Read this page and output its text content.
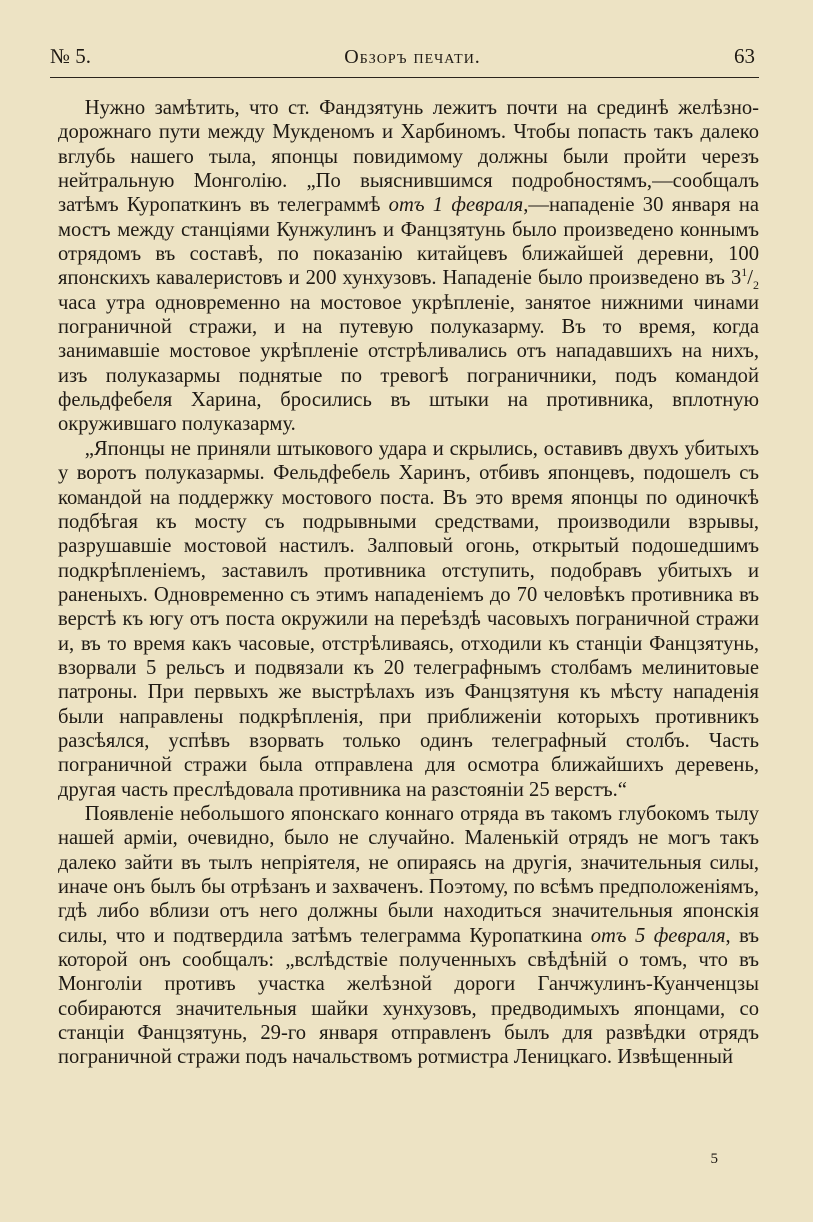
№ 5.	Обзоръ печати.	63

Нужно замѣтить, что ст. Фандзятунь лежитъ почти на срединѣ желѣзно-дорожнаго пути между Мукденомъ и Харбиномъ. Чтобы попасть такъ далеко вглубь нашего тыла, японцы повидимому должны были пройти черезъ нейтральную Монголію. „По выяснившимся подробностямъ,—сообщалъ затѣмъ Куропаткинъ въ телеграммѣ отъ 1 февраля,—нападеніе 30 января на мостъ между станціями Кунжулинъ и Фанцзятунь было произведено коннымъ отрядомъ въ составѣ, по показанію китайцевъ ближайшей деревни, 100 японскихъ кавалеристовъ и 200 хунхузовъ. Нападеніе было произведено въ $3^1/_2$ часа утра одновременно на мостовое укрѣпленіе, занятое нижними чинами пограничной стражи, и на путевую полуказарму. Въ то время, когда занимавшіе мостовое укрѣпленіе отстрѣливались отъ нападавшихъ на нихъ, изъ полуказармы поднятые по тревогѣ пограничники, подъ командой фельдфебеля Харина, бросились въ штыки на противника, вплотную окружившаго полуказарму.

„Японцы не приняли штыкового удара и скрылись, оставивъ двухъ убитыхъ у воротъ полуказармы. Фельдфебель Харинъ, отбивъ японцевъ, подошелъ съ командой на поддержку мостового поста. Въ это время японцы по одиночкѣ подбѣгая къ мосту съ подрывными средствами, производили взрывы, разрушавшіе мостовой настилъ. Залповый огонь, открытый подошедшимъ подкрѣпленіемъ, заставилъ противника отступить, подобравъ убитыхъ и раненыхъ. Одновременно съ этимъ нападеніемъ до 70 человѣкъ противника въ верстѣ къ югу отъ поста окружили на переѣздѣ часовыхъ пограничной стражи и, въ то время какъ часовые, отстрѣливаясь, отходили къ станціи Фанцзятунь, взорвали 5 рельсъ и подвязали къ 20 телеграфнымъ столбамъ мелинитовые патроны. При первыхъ же выстрѣлахъ изъ Фанцзятуня къ мѣсту нападенія были направлены подкрѣпленія, при приближеніи которыхъ противникъ разсѣялся, успѣвъ взорвать только одинъ телеграфный столбъ. Часть пограничной стражи была отправлена для осмотра ближайшихъ деревень, другая часть преслѣдовала противника на разстояніи 25 верстъ.“

Появленіе небольшого японскаго коннаго отряда въ такомъ глубокомъ тылу нашей арміи, очевидно, было не случайно. Маленькій отрядъ не могъ такъ далеко зайти въ тылъ непріятеля, не опираясь на другія, значительныя силы, иначе онъ былъ бы отрѣзанъ и захваченъ. Поэтому, по всѣмъ предположеніямъ, гдѣ либо вблизи отъ него должны были находиться значительныя японскія силы, что и подтвердила затѣмъ телеграмма Куропаткина отъ 5 февраля, въ которой онъ сообщалъ: „вслѣдствіе полученныхъ свѣдѣній о томъ, что въ Монголіи противъ участка желѣзной дороги Ганчжулинъ-Куанченцзы собираются значительныя шайки хунхузовъ, предводимыхъ японцами, со станціи Фанцзятунь, 29-го января отправленъ былъ для развѣдки отрядъ пограничной стражи подъ начальствомъ ротмистра Леницкаго. Извѣщенный

5
